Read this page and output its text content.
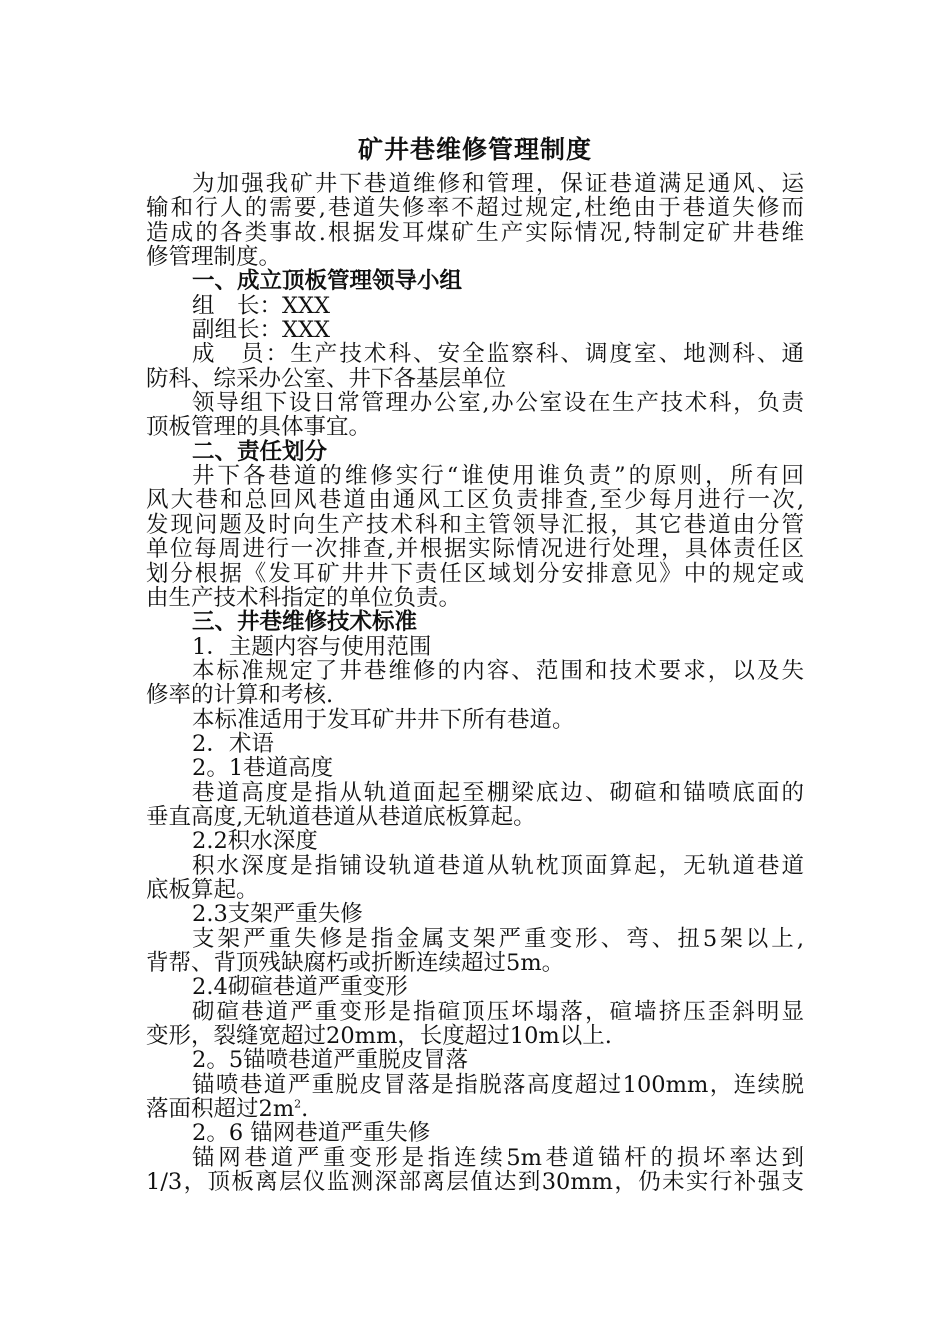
矿井巷维修管理制度
为加强我矿井下巷道维修和管理，保证巷道满足通风、运
输和行人的需要,巷道失修率不超过规定,杜绝由于巷道失修而
造成的各类事故.根据发耳煤矿生产实际情况,特制定矿井巷维
修管理制度。
一、成立顶板管理领导小组
组　长：XXX
副组长：XXX
成　员：生产技术科、安全监察科、调度室、地测科、通
防科、综采办公室、井下各基层单位
领导组下设日常管理办公室,办公室设在生产技术科，负责
顶板管理的具体事宜。
二、责任划分
井下各巷道的维修实行“谁使用谁负责”的原则，所有回
风大巷和总回风巷道由通风工区负责排查,至少每月进行一次,
发现问题及时向生产技术科和主管领导汇报，其它巷道由分管
单位每周进行一次排查,并根据实际情况进行处理，具体责任区
划分根据《发耳矿井井下责任区域划分安排意见》中的规定或
由生产技术科指定的单位负责。
三、井巷维修技术标准
1．主题内容与使用范围
本标准规定了井巷维修的内容、范围和技术要求，以及失
修率的计算和考核.
本标准适用于发耳矿井井下所有巷道。
2．术语
2。1巷道高度
巷道高度是指从轨道面起至棚梁底边、砌碹和锚喷底面的
垂直高度,无轨道巷道从巷道底板算起。
2.2积水深度
积水深度是指铺设轨道巷道从轨枕顶面算起，无轨道巷道
底板算起。
2.3支架严重失修
支架严重失修是指金属支架严重变形、弯、扭5架以上,
背帮、背顶残缺腐朽或折断连续超过5m。
2.4砌碹巷道严重变形
砌碹巷道严重变形是指碹顶压坏塌落，碹墙挤压歪斜明显
变形，裂缝宽超过20mm，长度超过10m以上.
2。5锚喷巷道严重脱皮冒落
锚喷巷道严重脱皮冒落是指脱落高度超过100mm，连续脱
落面积超过$2m^2$.
2。6 锚网巷道严重失修
锚网巷道严重变形是指连续5m巷道锚杆的损坏率达到
1/3，顶板离层仪监测深部离层值达到30mm，仍未实行补强支
